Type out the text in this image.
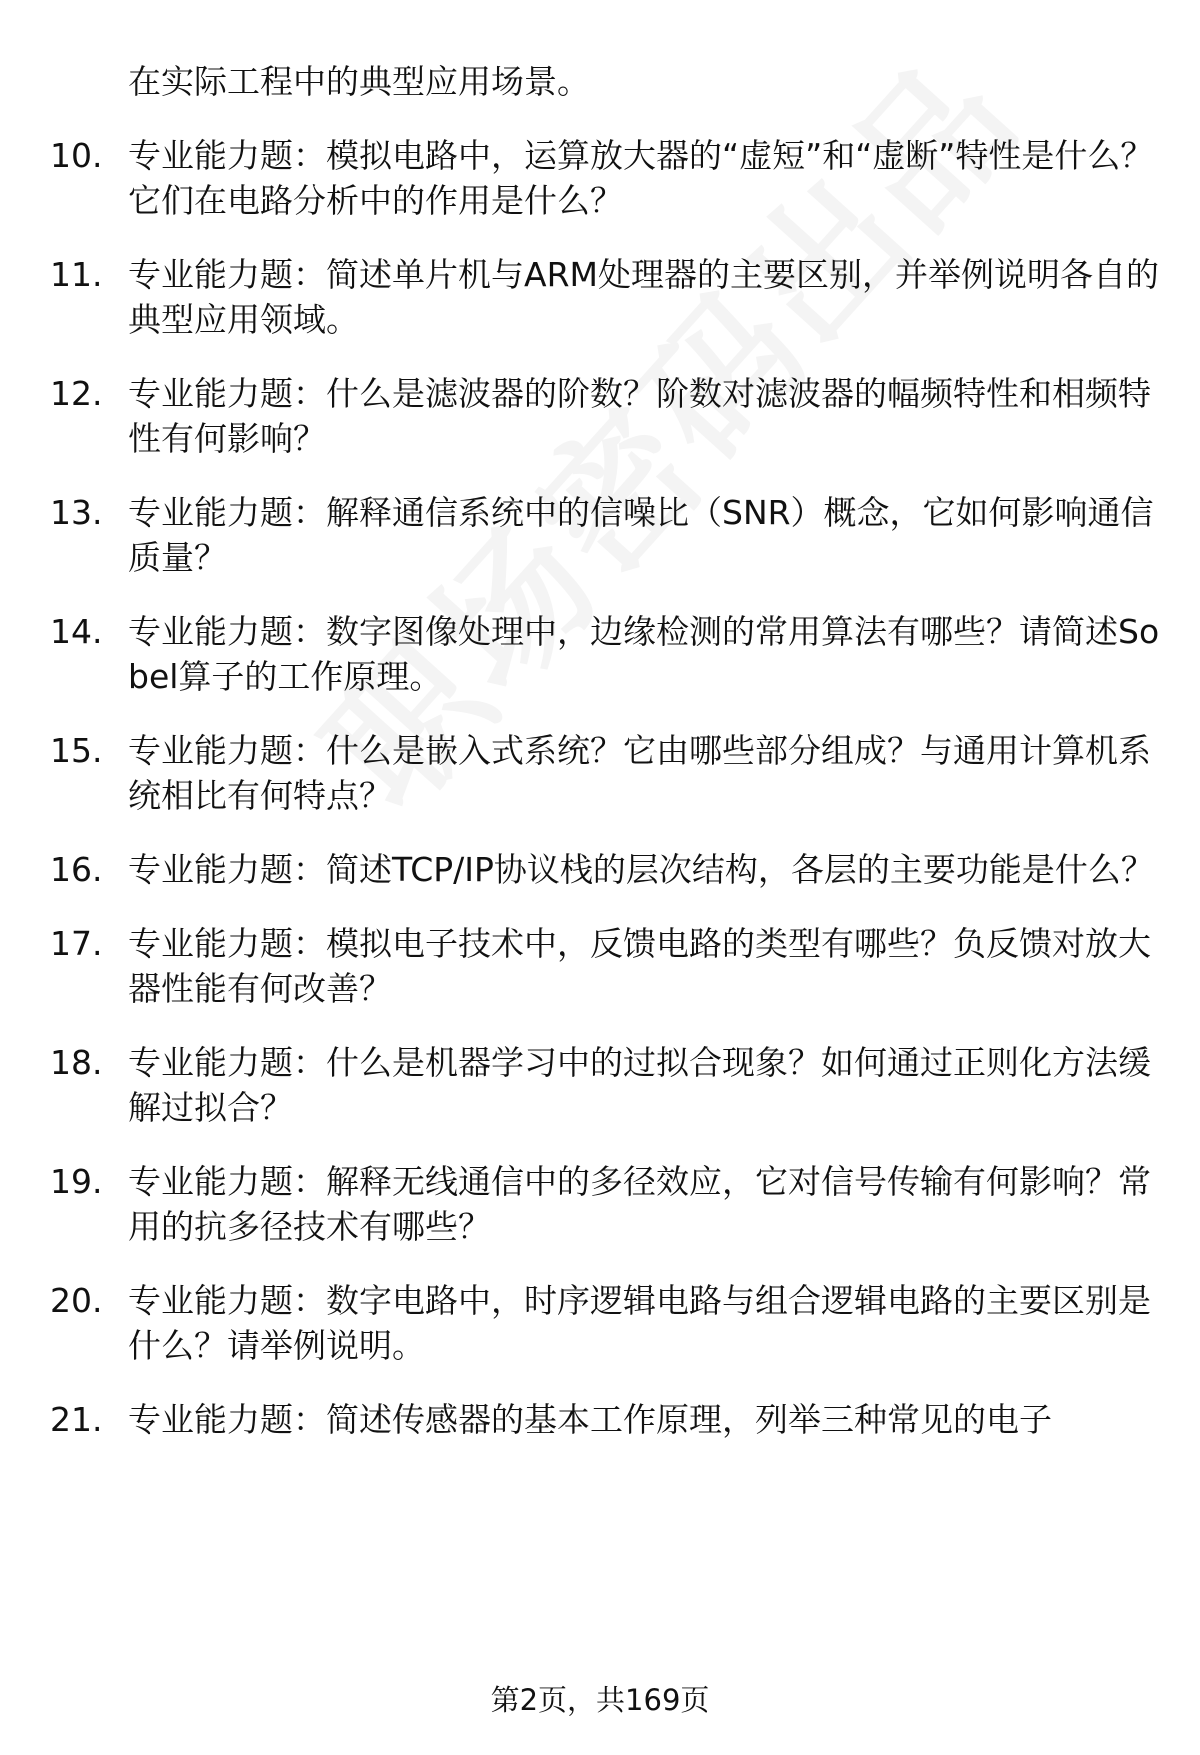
在实际工程中的典型应用场景。
10. 专业能力题：模拟电路中，运算放大器的“虚短”和“虚断”特性是什么？它们在电路分析中的作用是什么？
11. 专业能力题：简述单片机与ARM处理器的主要区别，并举例说明各自的典型应用领域。
12. 专业能力题：什么是滤波器的阶数？阶数对滤波器的幅频特性和相频特性有何影响？
13. 专业能力题：解释通信系统中的信噪比（SNR）概念，它如何影响通信质量？
14. 专业能力题：数字图像处理中，边缘检测的常用算法有哪些？请简述Sobel算子的工作原理。
15. 专业能力题：什么是嵌入式系统？它由哪些部分组成？与通用计算机系统相比有何特点？
16. 专业能力题：简述TCP/IP协议栈的层次结构，各层的主要功能是什么？
17. 专业能力题：模拟电子技术中，反馈电路的类型有哪些？负反馈对放大器性能有何改善？
18. 专业能力题：什么是机器学习中的过拟合现象？如何通过正则化方法缓解过拟合？
19. 专业能力题：解释无线通信中的多径效应，它对信号传输有何影响？常用的抗多径技术有哪些？
20. 专业能力题：数字电路中，时序逻辑电路与组合逻辑电路的主要区别是什么？请举例说明。
21. 专业能力题：简述传感器的基本工作原理，列举三种常见的电子
第2页，共169页
